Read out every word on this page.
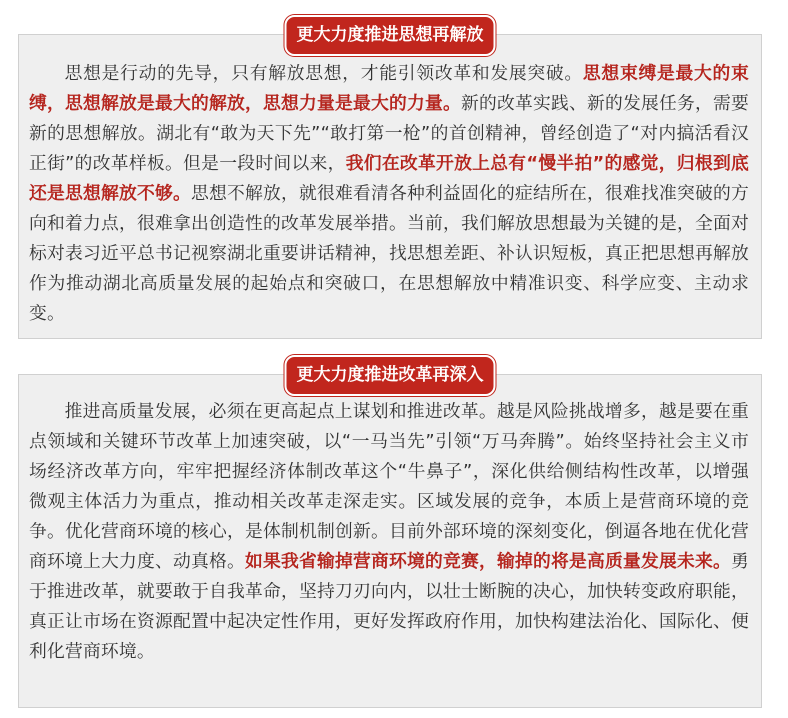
更大力度推进思想再解放

思想是行动的先导，只有解放思想，才能引领改革和发展突破。思想束缚是最大的束缚，思想解放是最大的解放，思想力量是最大的力量。新的改革实践、新的发展任务，需要新的思想解放。湖北有“敢为天下先”“敢打第一枪”的首创精神，曾经创造了“对内搞活看汉正街”的改革样板。但是一段时间以来，我们在改革开放上总有“慢半拍”的感觉，归根到底还是思想解放不够。思想不解放，就很难看清各种利益固化的症结所在，很难找准突破的方向和着力点，很难拿出创造性的改革发展举措。当前，我们解放思想最为关键的是，全面对标对表习近平总书记视察湖北重要讲话精神，找思想差距、补认识短板，真正把思想再解放作为推动湖北高质量发展的起始点和突破口，在思想解放中精准识变、科学应变、主动求变。

更大力度推进改革再深入

推进高质量发展，必须在更高起点上谋划和推进改革。越是风险挑战增多，越是要在重点领域和关键环节改革上加速突破，以“一马当先”引领“万马奔腾”。始终坚持社会主义市场经济改革方向，牢牢把握经济体制改革这个“牛鼻子”，深化供给侧结构性改革，以增强微观主体活力为重点，推动相关改革走深走实。区域发展的竞争，本质上是营商环境的竞争。优化营商环境的核心，是体制机制创新。目前外部环境的深刻变化，倒逼各地在优化营商环境上大力度、动真格。如果我省输掉营商环境的竞赛，输掉的将是高质量发展未来。勇于推进改革，就要敢于自我革命，坚持刀刃向内，以壮士断腕的决心，加快转变政府职能，真正让市场在资源配置中起决定性作用，更好发挥政府作用，加快构建法治化、国际化、便利化营商环境。
